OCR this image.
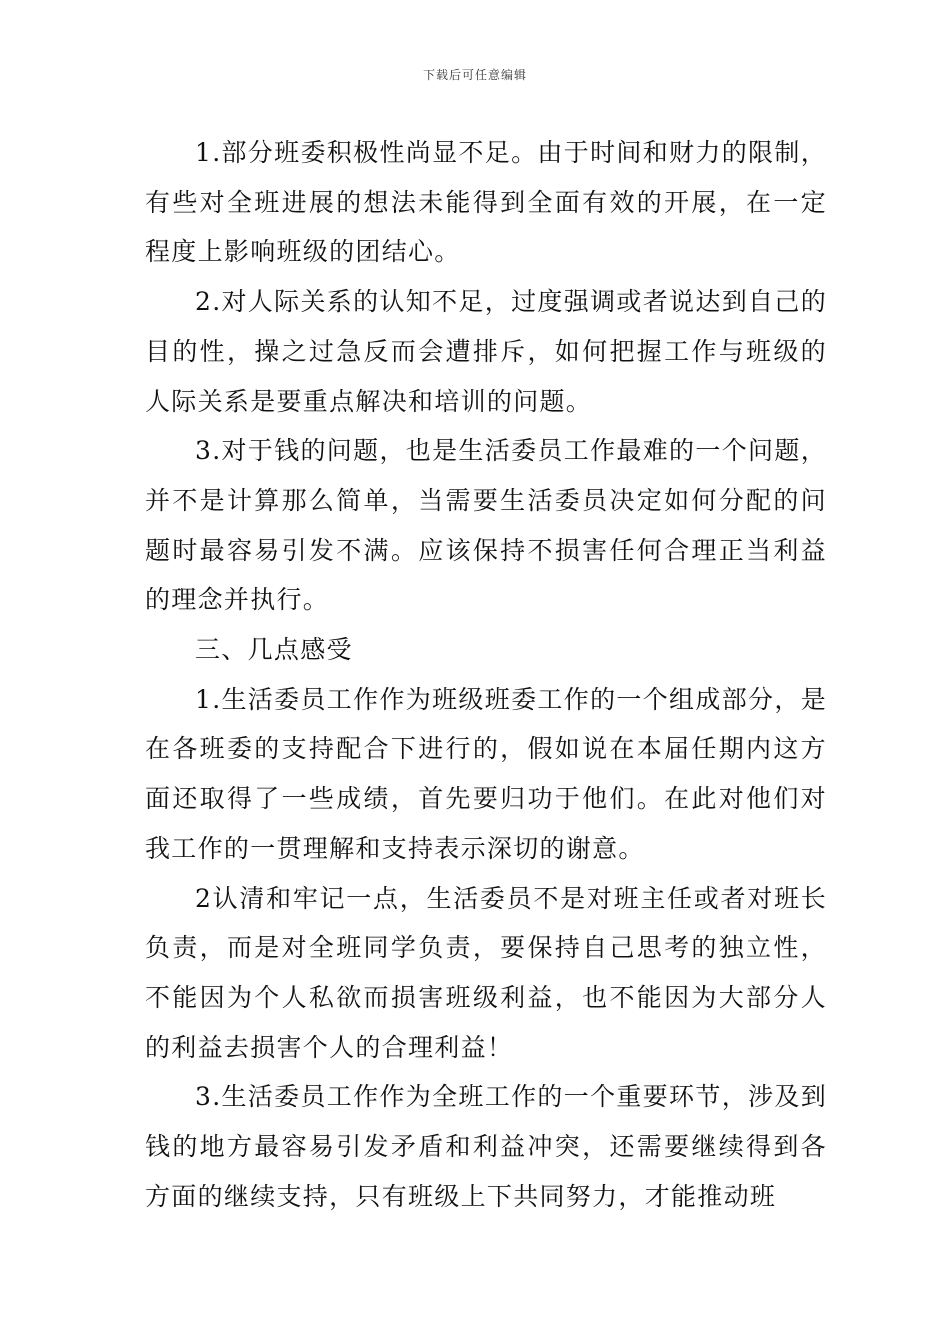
下载后可任意编辑

1.部分班委积极性尚显不足。由于时间和财力的限制，有些对全班进展的想法未能得到全面有效的开展，在一定程度上影响班级的团结心。

2.对人际关系的认知不足，过度强调或者说达到自己的目的性，操之过急反而会遭排斥，如何把握工作与班级的人际关系是要重点解决和培训的问题。

3.对于钱的问题，也是生活委员工作最难的一个问题，并不是计算那么简单，当需要生活委员决定如何分配的问题时最容易引发不满。应该保持不损害任何合理正当利益的理念并执行。

三、几点感受

1.生活委员工作作为班级班委工作的一个组成部分，是在各班委的支持配合下进行的，假如说在本届任期内这方面还取得了一些成绩，首先要归功于他们。在此对他们对我工作的一贯理解和支持表示深切的谢意。

2认清和牢记一点，生活委员不是对班主任或者对班长负责，而是对全班同学负责，要保持自己思考的独立性，不能因为个人私欲而损害班级利益，也不能因为大部分人的利益去损害个人的合理利益！

3.生活委员工作作为全班工作的一个重要环节，涉及到钱的地方最容易引发矛盾和利益冲突，还需要继续得到各方面的继续支持，只有班级上下共同努力，才能推动班
